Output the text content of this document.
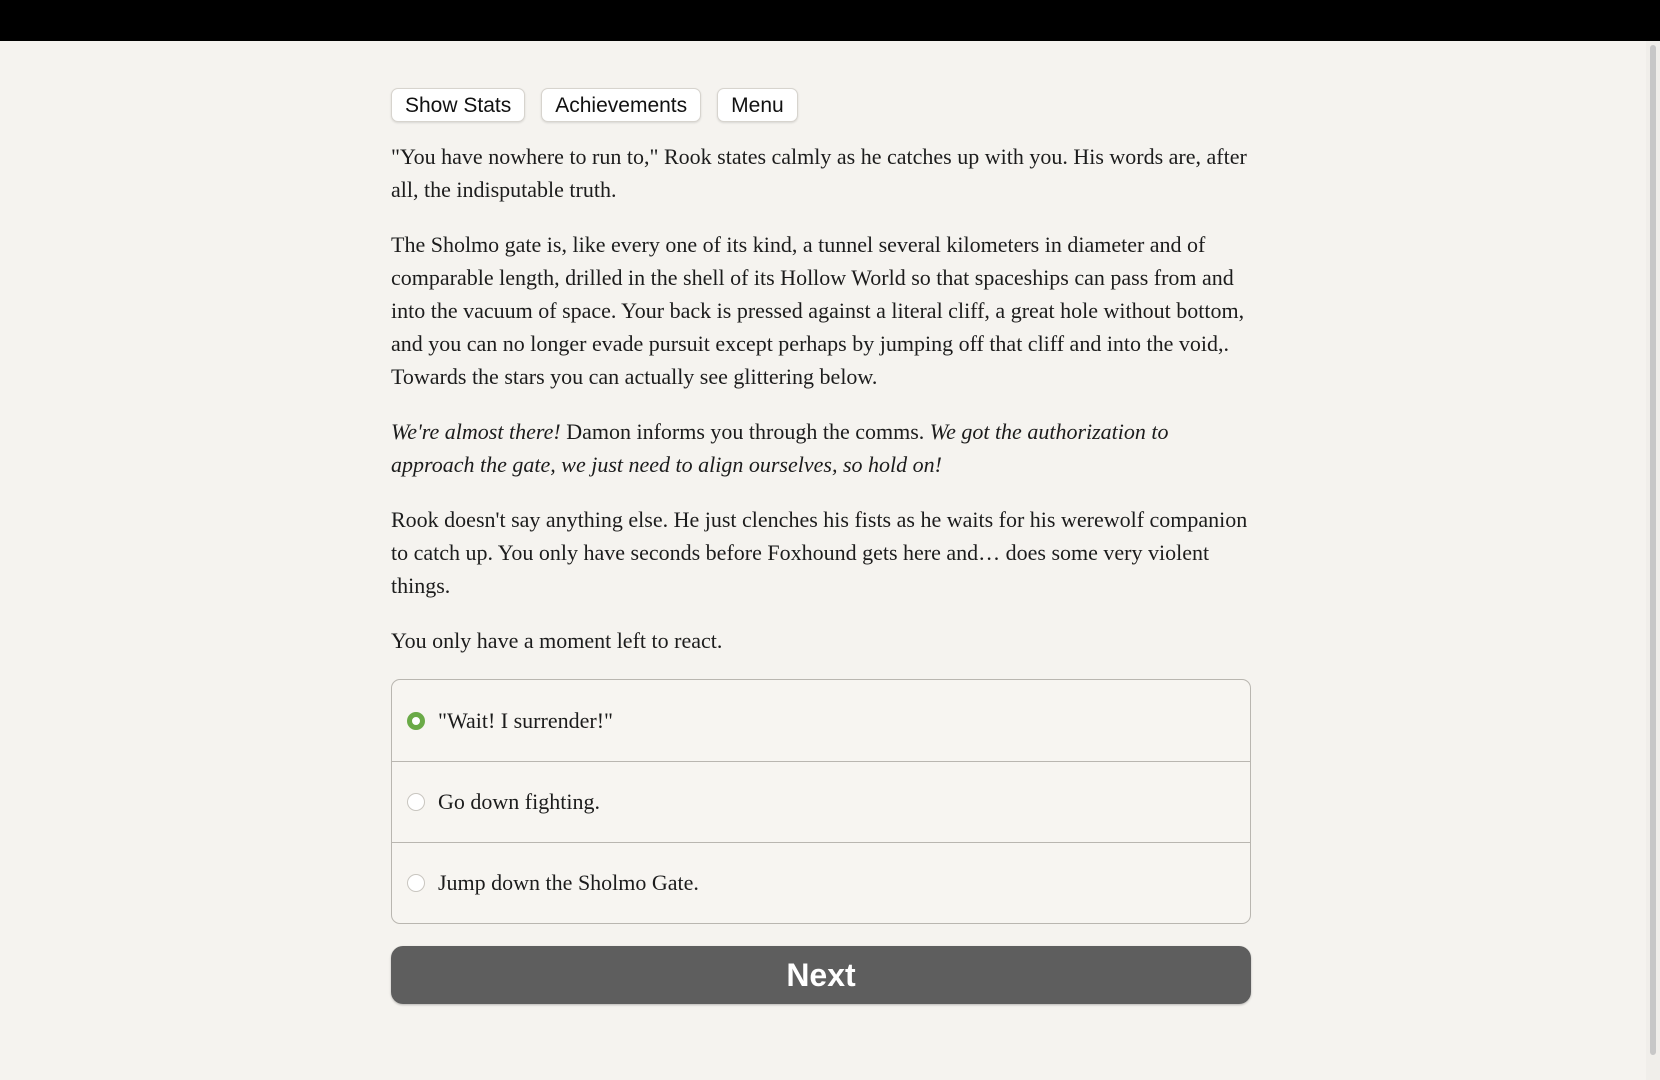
Show Stats	Achievements	Menu

"You have nowhere to run to," Rook states calmly as he catches up with you. His words are, after all, the indisputable truth.

The Sholmo gate is, like every one of its kind, a tunnel several kilometers in diameter and of comparable length, drilled in the shell of its Hollow World so that spaceships can pass from and into the vacuum of space. Your back is pressed against a literal cliff, a great hole without bottom, and you can no longer evade pursuit except perhaps by jumping off that cliff and into the void,. Towards the stars you can actually see glittering below.

We're almost there! Damon informs you through the comms. We got the authorization to approach the gate, we just need to align ourselves, so hold on!

Rook doesn't say anything else. He just clenches his fists as he waits for his werewolf companion to catch up. You only have seconds before Foxhound gets here and… does some very violent things.

You only have a moment left to react.

"Wait! I surrender!"
Go down fighting.
Jump down the Sholmo Gate.
Next
